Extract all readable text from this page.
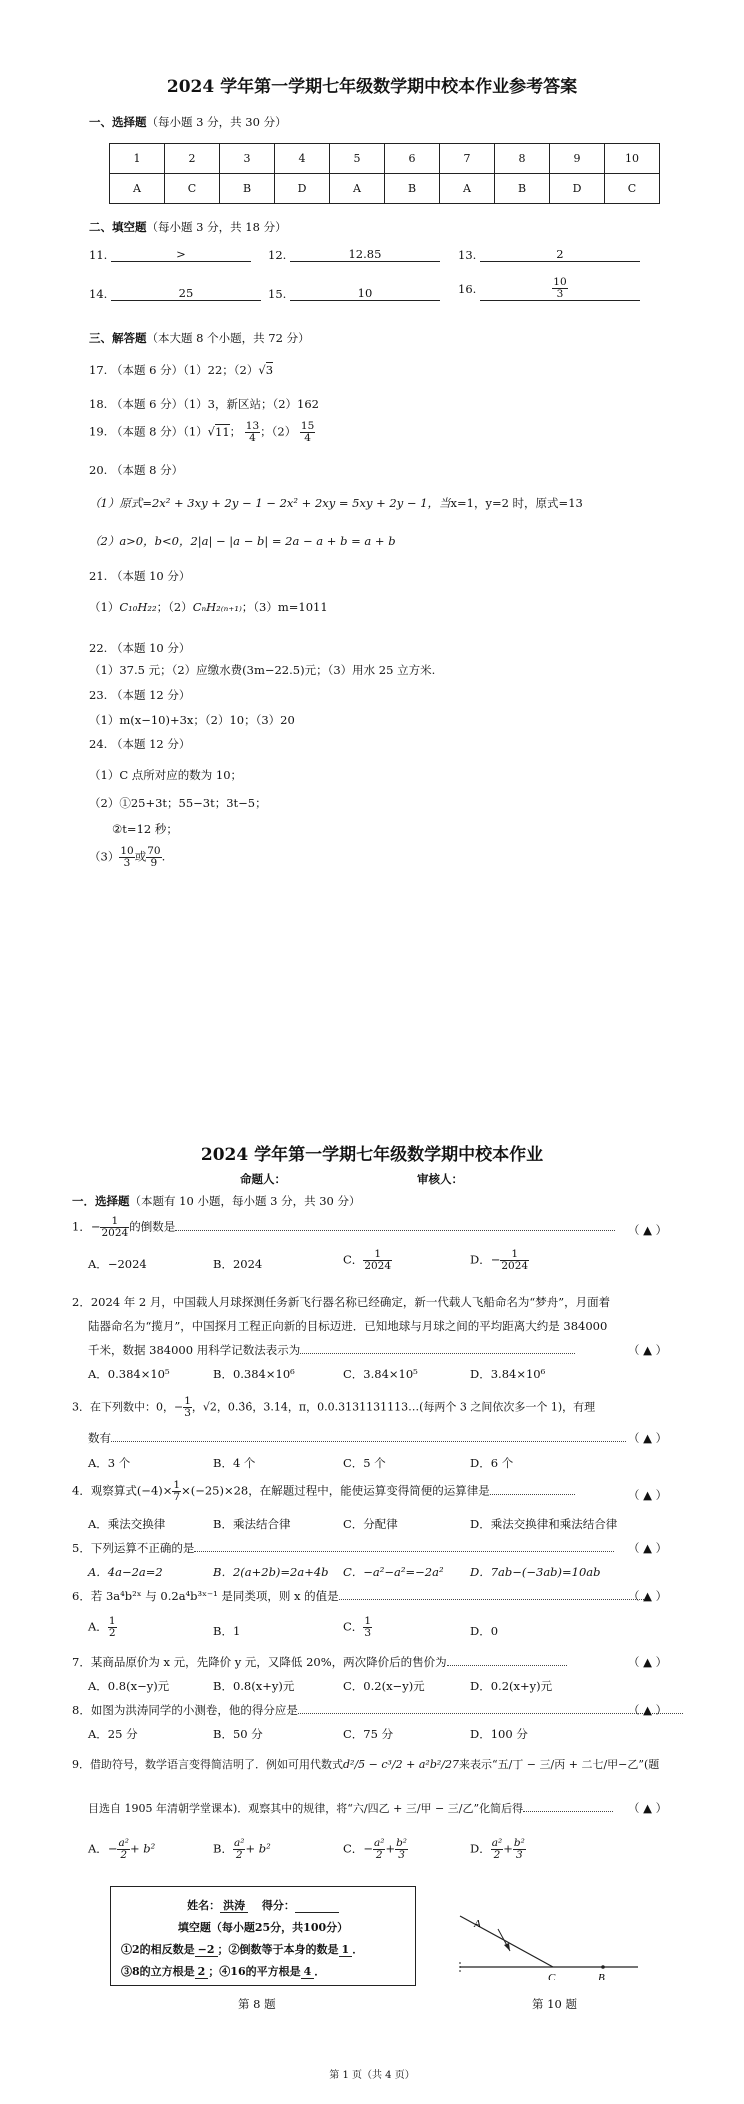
2024 学年第一学期七年级数学期中校本作业参考答案
一、选择题（每小题 3 分，共 30 分）
1	2	3	4	5	6	7	8	9	10
A	C	B	D	A	B	A	B	D	C
二、填空题（每小题 3 分，共 18 分）
11.	>	12.	12.85	13.	2
14.	25	15.	10	16.	$\frac{10}{3}$
三、解答题（本大题 8 个小题，共 72 分）
17. （本题 6 分）（1）22；（2）√3
18. （本题 6 分）（1）3，新区站；（2）162
19. （本题 8 分）（1）√11； $\frac{13}{4}$ ；$(2) \frac{15}{4}$
20. （本题 8 分）
（1）原式=2x² + 3xy + 2y − 1 − 2x² + 2xy = 5xy + 2y − 1，当x=1，y=2 时，原式=13
（2）a>0，b<0，2|a| − |a − b| = 2a − a + b = a + b
21. （本题 10 分）
（1）C₁₀H₂₂；（2）CₙH₂₍ₙ₊₁₎；（3）m=1011
22. （本题 10 分）
（1）37.5 元；（2）应缴水费(3m−22.5)元；（3）用水 25 立方米.
23. （本题 12 分）
（1）m(x−10)+3x；（2）10；（3）20
24. （本题 12 分）
（1）C 点所对应的数为 10；
（2）①25+3t；55−3t；3t−5；
②t=12 秒；
$(3) \frac{10}{3}$ 或 $\frac{70}{9}$ .
2024 学年第一学期七年级数学期中校本作业
命题人：	审核人：
一．选择题（本题有 10 小题，每小题 3 分，共 30 分）
1．− $\frac{1}{2024}$ 的倒数是	（ ▲ ）
A．−2024	B．2024	C． $\frac{1}{2024}$	D．− $\frac{1}{2024}$
2．2024 年 2 月，中国载人月球探测任务新飞行器名称已经确定，新一代载人飞船命名为“梦舟”，月面着
陆器命名为“揽月”，中国探月工程正向新的目标迈进．已知地球与月球之间的平均距离大约是 384000
千米，数据 384000 用科学记数法表示为	（ ▲ ）
A．0.384×10⁵	B．0.384×10⁶	C．3.84×10⁵	D．3.84×10⁶
3．在下列数中：0，− $\frac{1}{3}$ ，√2，0.3̇6̇，3.14，π，0.0.3131131113…(每两个 3 之间依次多一个 1)，有理
数有	（ ▲ ）
A．3 个	B．4 个	C．5 个	D．6 个
4．观察算式$(-4)\times \frac{1}{7} \times(-25)\times 28$，在解题过程中，能使运算变得简便的运算律是	（ ▲ ）
A．乘法交换律	B．乘法结合律	C．分配律	D．乘法交换律和乘法结合律
5．下列运算不正确的是	（ ▲ ）
A．4a−2a=2	B．2(a+2b)=2a+4b C．−a²−a²=−2a² D．7ab−(−3ab)=10ab
6．若 3a⁴b²ˣ 与 0.2a⁴b³ˣ⁻¹ 是同类项，则 x 的值是	（ ▲ ）
A． $\frac{1}{2}$	B．1	C． $\frac{1}{3}$	D．0
7．某商品原价为 x 元，先降价 y 元，又降低 20%，两次降价后的售价为	（ ▲ ）
A．0.8(x−y)元	B．0.8(x+y)元	C．0.2(x−y)元	D．0.2(x+y)元
8．如图为洪涛同学的小测卷，他的得分应是	（ ▲ ）
A．25 分	B．50 分	C．75 分	D．100 分
9．借助符号，数学语言变得简洁明了．例如可用代数式d²/5 − c³/2 + a²b²/27来表示“五/丁 − 三/丙 + 二七/甲−乙”(题
目选自 1905 年清朝学堂课本)．观察其中的规律，将“六/四乙 + 三/甲 − 三/乙”化简后得	（ ▲ ）
A．− $\frac{\text{a²}}{2} + b^2$	B． $\frac{\text{a²}}{2} + b^2$	C．− $\frac{\text{a²}}{2} + \frac{\text{b²}}{3}$	D． $\frac{\text{a²}}{2} + \frac{\text{b²}}{3}$
姓名： 洪涛 得分：
填空题（每小题25分，共100分）
①2的相反数是 −2 ；②倒数等于本身的数是 1 ．
③8的立方根是 2 ；④16的平方根是 4 ．
A
C	B
第 8 题	第 10 题
第 1 页（共 4 页）
